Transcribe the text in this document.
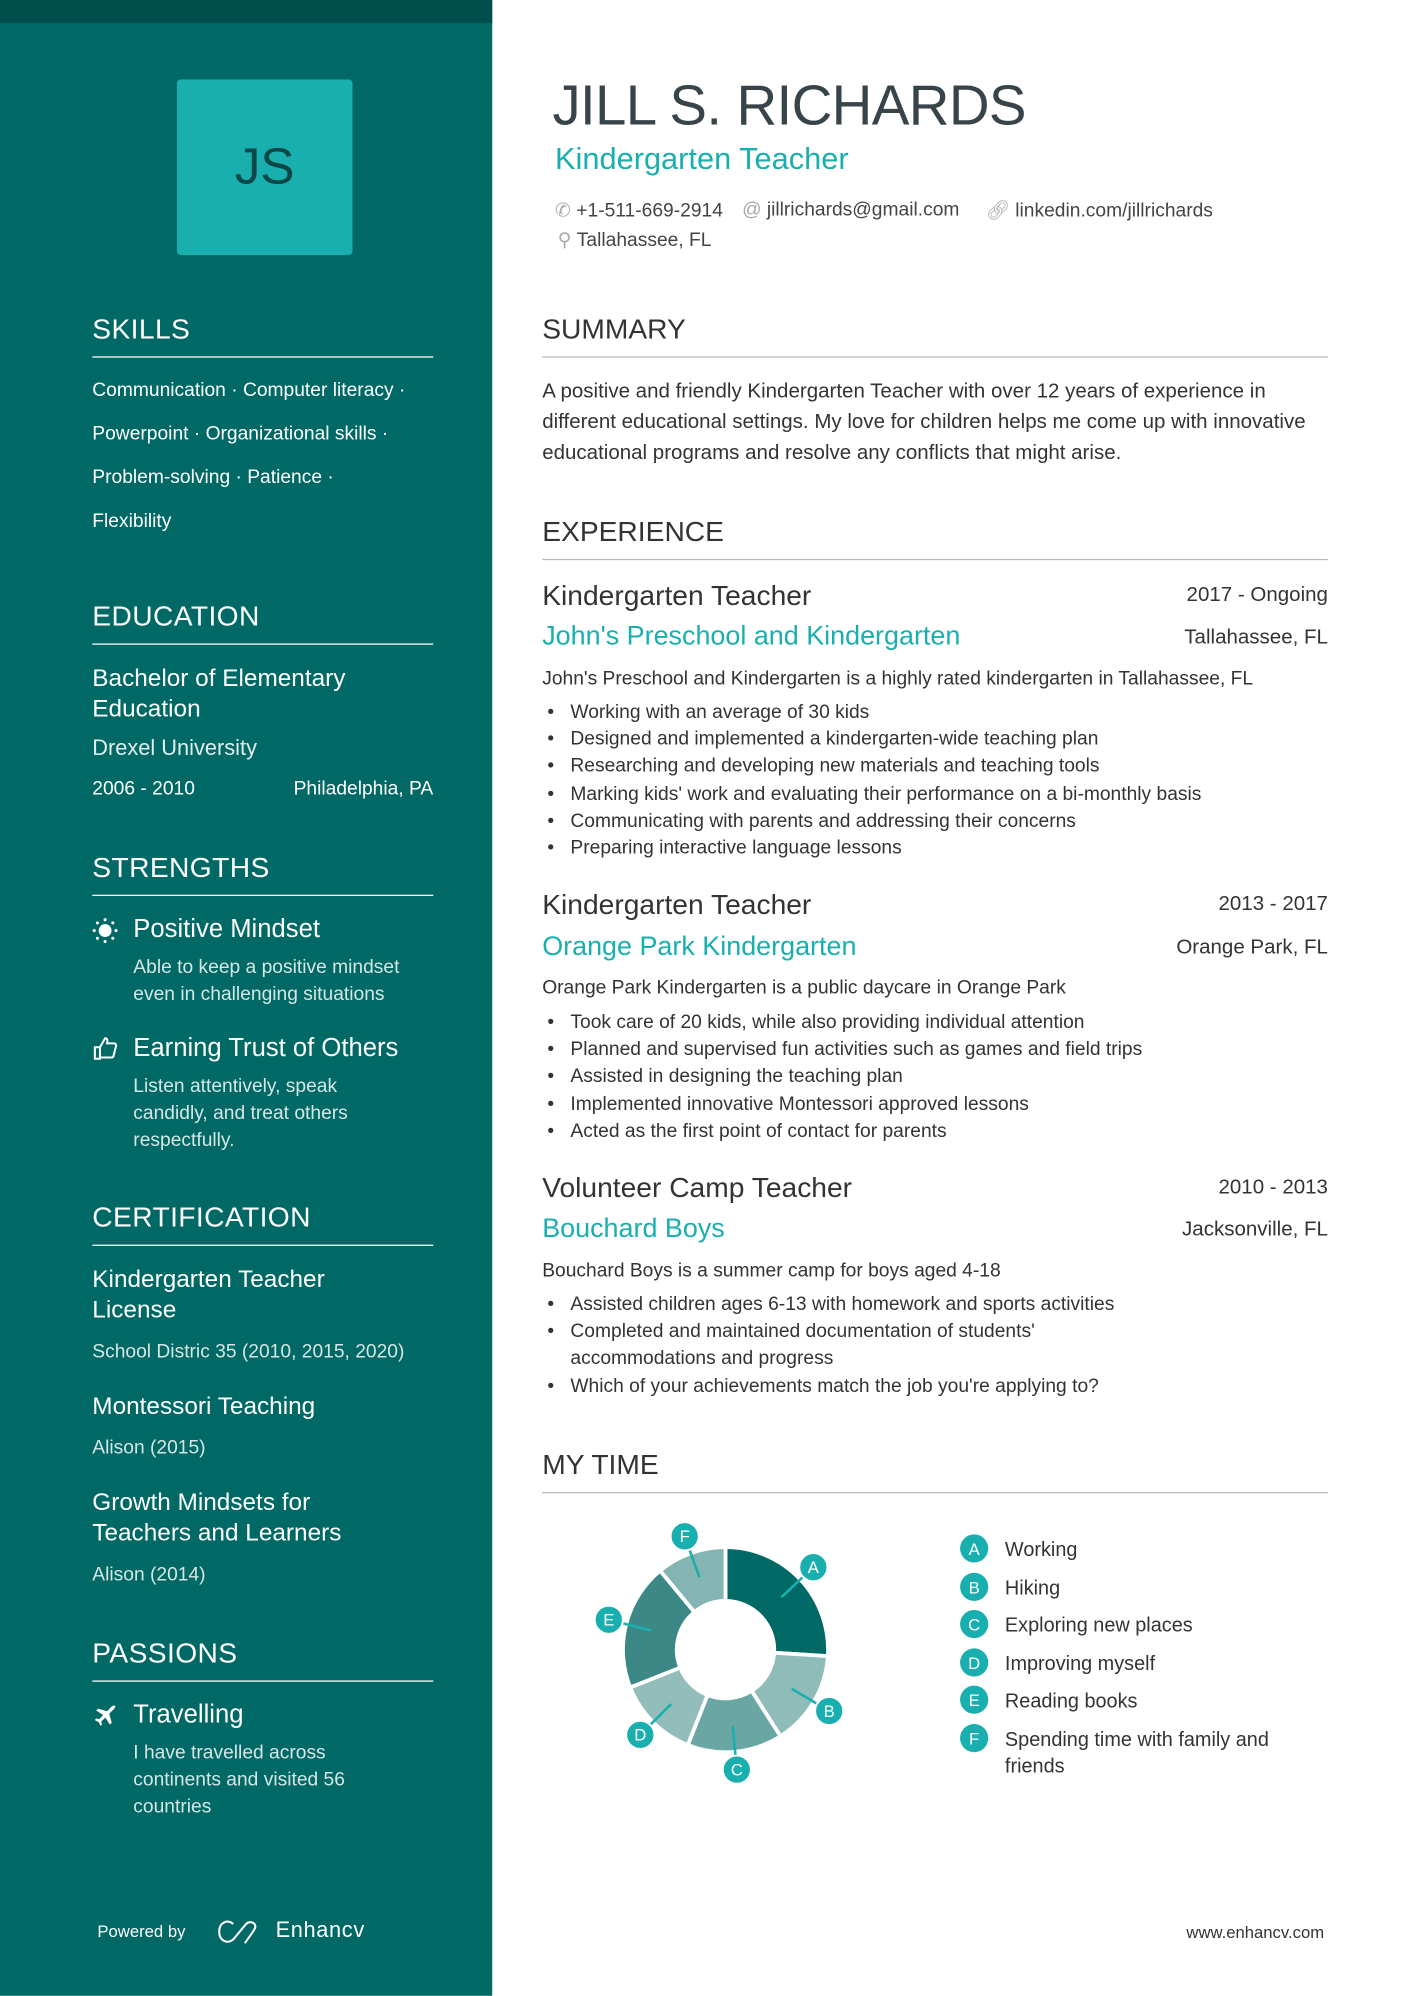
JS
SKILLS
Communication · Computer literacy ·
Powerpoint · Organizational skills ·
Problem-solving · Patience ·
Flexibility
EDUCATION
Bachelor of Elementary
Education
Drexel University
2006 - 2010	Philadelphia, PA
STRENGTHS
Positive Mindset
Able to keep a positive mindset even in challenging situations
Earning Trust of Others
Listen attentively, speak candidly, and treat others respectfully.
CERTIFICATION
Kindergarten Teacher License
School Distric 35 (2010, 2015, 2020)
Montessori Teaching
Alison (2015)
Growth Mindsets for Teachers and Learners
Alison (2014)
PASSIONS
Travelling
I have travelled across continents and visited 56 countries
Powered by	Enhancv
JILL S. RICHARDS
Kindergarten Teacher
✆ +1-511-669-2914 @ jillrichards@gmail.com 🔗︎ linkedin.com/jillrichards
⚲ Tallahassee, FL
SUMMARY
A positive and friendly Kindergarten Teacher with over 12 years of experience in different educational settings. My love for children helps me come up with innovative educational programs and resolve any conflicts that might arise.
EXPERIENCE
Kindergarten Teacher	2017 - Ongoing
John's Preschool and Kindergarten	Tallahassee, FL
John's Preschool and Kindergarten is a highly rated kindergarten in Tallahassee, FL
• Working with an average of 30 kids
• Designed and implemented a kindergarten-wide teaching plan
• Researching and developing new materials and teaching tools
• Marking kids' work and evaluating their performance on a bi-monthly basis
• Communicating with parents and addressing their concerns
• Preparing interactive language lessons
Kindergarten Teacher	2013 - 2017
Orange Park Kindergarten	Orange Park, FL
Orange Park Kindergarten is a public daycare in Orange Park
• Took care of 20 kids, while also providing individual attention
• Planned and supervised fun activities such as games and field trips
• Assisted in designing the teaching plan
• Implemented innovative Montessori approved lessons
• Acted as the first point of contact for parents
Volunteer Camp Teacher	2010 - 2013
Bouchard Boys	Jacksonville, FL
Bouchard Boys is a summer camp for boys aged 4-18
• Assisted children ages 6-13 with homework and sports activities
• Completed and maintained documentation of students' accommodations and progress
• Which of your achievements match the job you're applying to?
MY TIME
A
B
C
D
E
F
A	Working
B	Hiking
C	Exploring new places
D	Improving myself
E	Reading books
F	Spending time with family and friends
www.enhancv.com
